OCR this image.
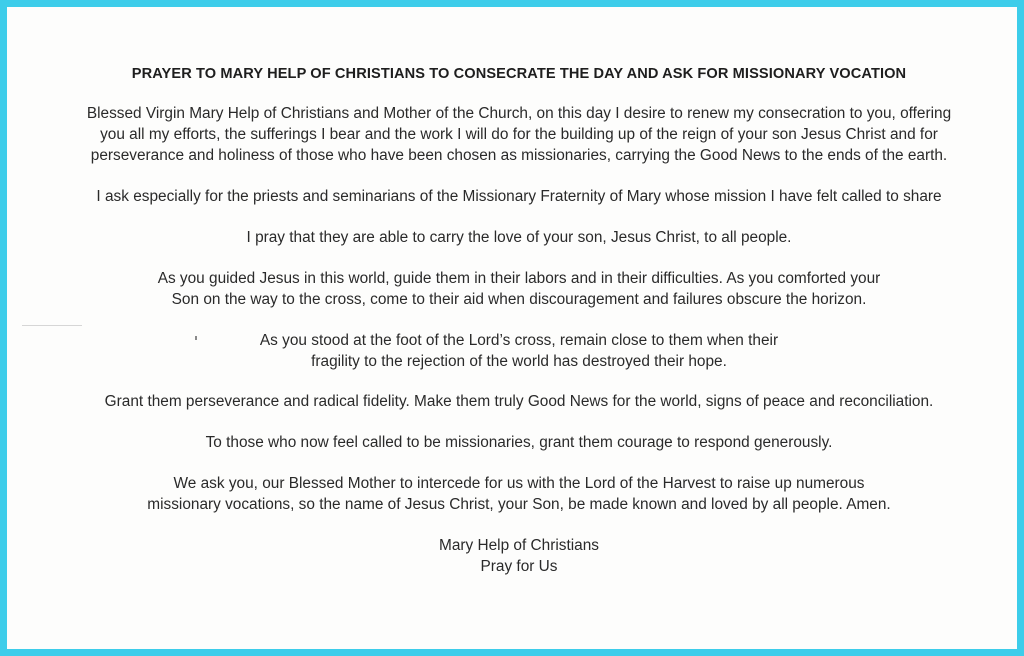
PRAYER TO MARY HELP OF CHRISTIANS TO CONSECRATE THE DAY AND ASK FOR MISSIONARY VOCATION
Blessed Virgin Mary Help of Christians and Mother of the Church, on this day I desire to renew my consecration to you, offering
you all my efforts, the sufferings I bear and the work I will do for the building up of the reign of your son Jesus Christ and for
perseverance and holiness of those who have been chosen as missionaries, carrying the Good News to the ends of the earth.
I ask especially for the priests and seminarians of the Missionary Fraternity of Mary whose mission I have felt called to share
I pray that they are able to carry the love of your son, Jesus Christ, to all people.
As you guided Jesus in this world, guide them in their labors and in their difficulties. As you comforted your
Son on the way to the cross, come to their aid when discouragement and failures obscure the horizon.
As you stood at the foot of the Lord’s cross, remain close to them when their
fragility to the rejection of the world has destroyed their hope.
Grant them perseverance and radical fidelity. Make them truly Good News for the world, signs of peace and reconciliation.
To those who now feel called to be missionaries, grant them courage to respond generously.
We ask you, our Blessed Mother to intercede for us with the Lord of the Harvest to raise up numerous
missionary vocations, so the name of Jesus Christ, your Son, be made known and loved by all people. Amen.
Mary Help of Christians
Pray for Us
